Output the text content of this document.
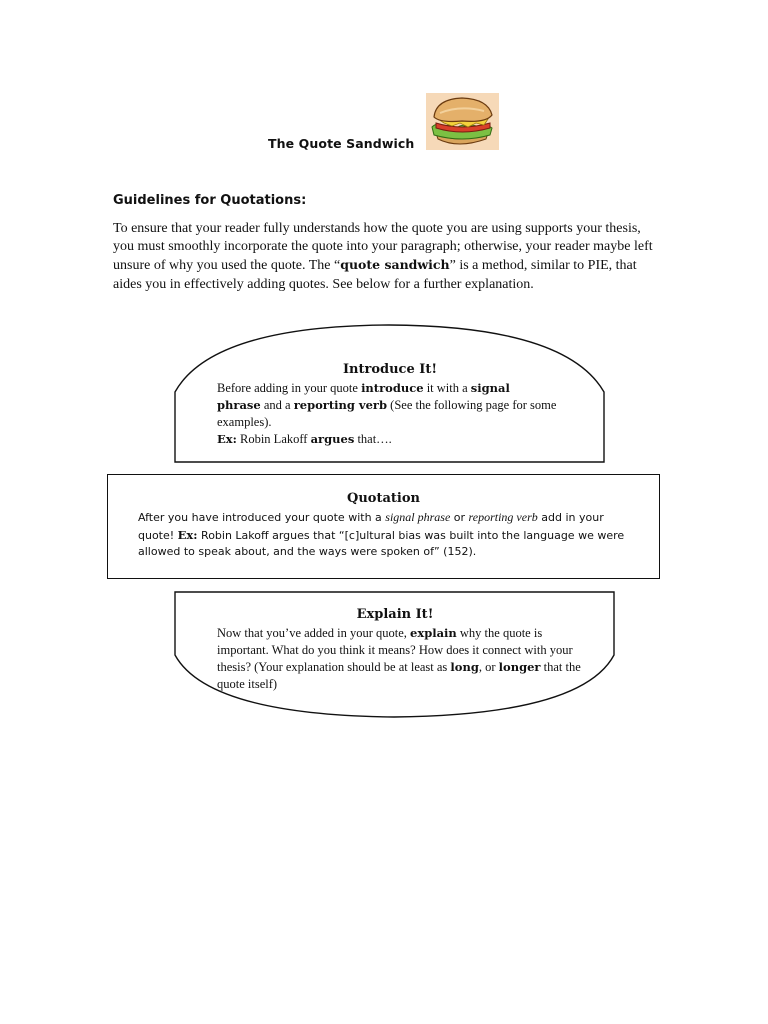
The Quote Sandwich
Guidelines for Quotations:
To ensure that your reader fully understands how the quote you are using supports your thesis, you must smoothly incorporate the quote into your paragraph; otherwise, your reader maybe left unsure of why you used the quote. The “quote sandwich” is a method, similar to PIE, that aides you in effectively adding quotes. See below for a further explanation.
Introduce It!
Before adding in your quote introduce it with a signal phrase and a reporting verb (See the following page for some examples).
Ex: Robin Lakoff argues that….
Quotation
After you have introduced your quote with a signal phrase or reporting verb add in your quote! Ex: Robin Lakoff argues that “[c]ultural bias was built into the language we were allowed to speak about, and the ways were spoken of” (152).
Explain It!
Now that you’ve added in your quote, explain why the quote is important. What do you think it means? How does it connect with your thesis? (Your explanation should be at least as long, or longer that the quote itself)
